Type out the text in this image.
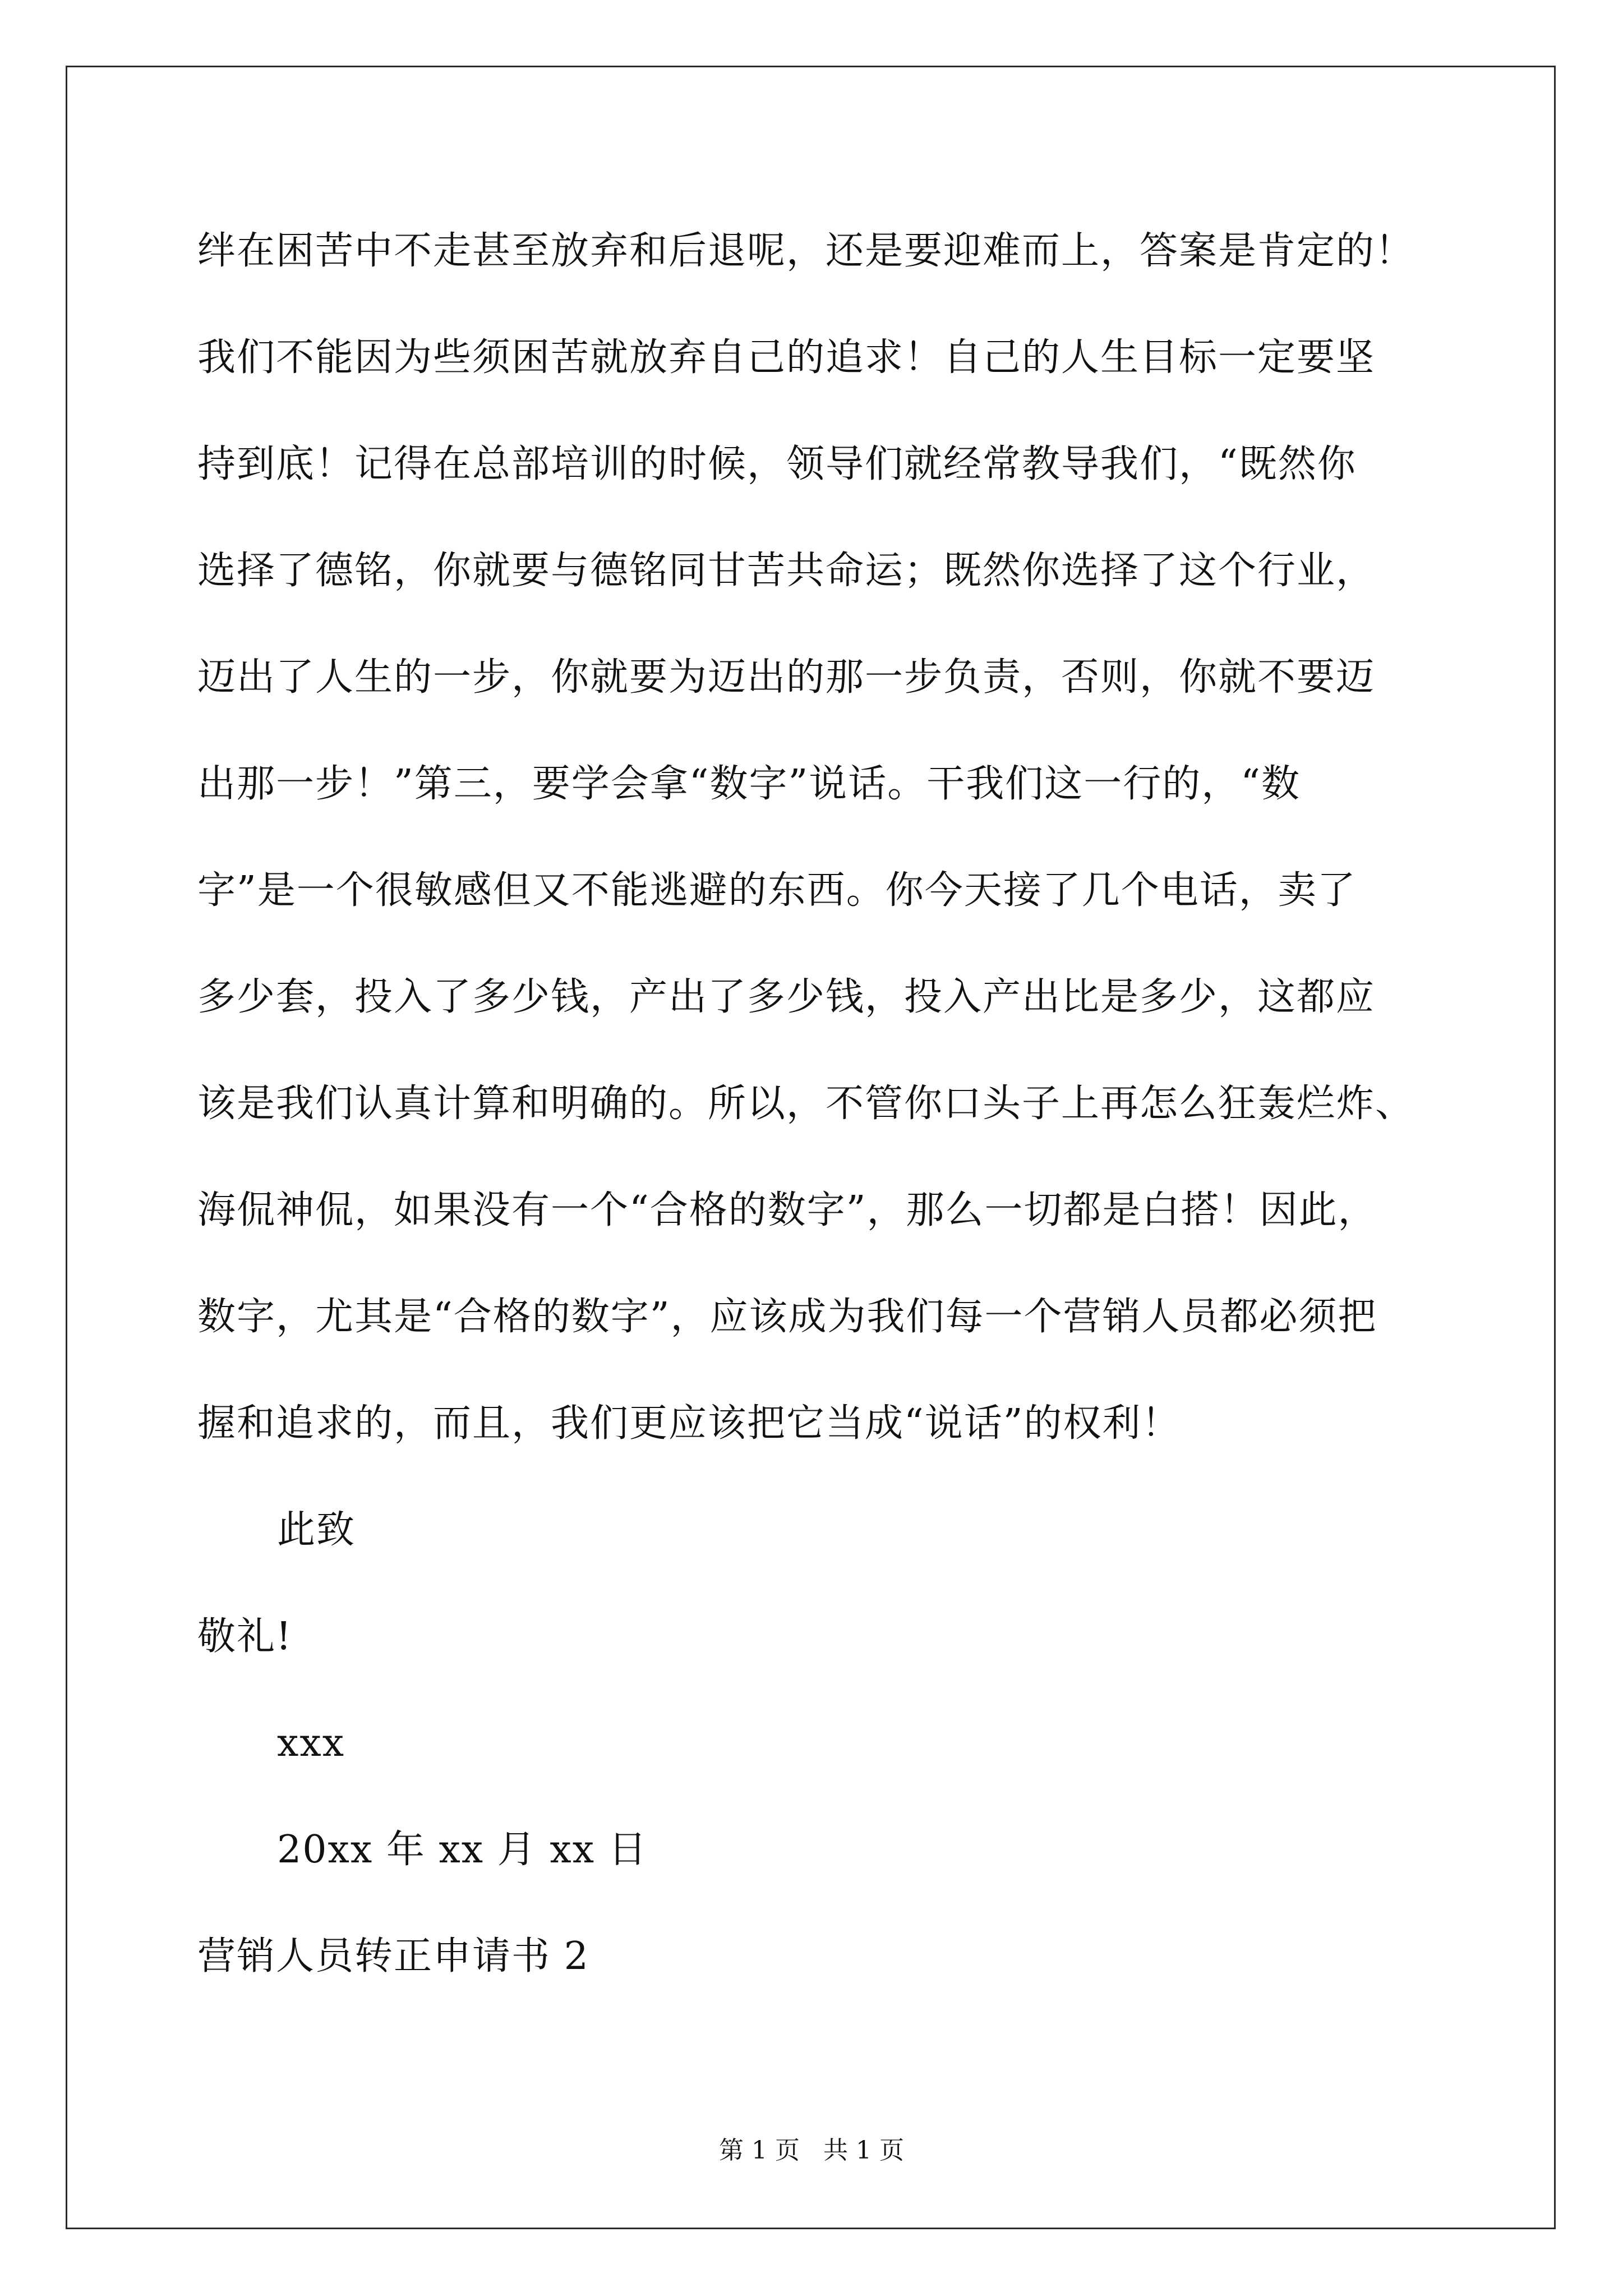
绊在困苦中不走甚至放弃和后退呢，还是要迎难而上，答案是肯定的！
我们不能因为些须困苦就放弃自己的追求！自己的人生目标一定要坚
持到底！记得在总部培训的时候，领导们就经常教导我们，“既然你
选择了德铭，你就要与德铭同甘苦共命运；既然你选择了这个行业，
迈出了人生的一步，你就要为迈出的那一步负责，否则，你就不要迈
出那一步！”第三，要学会拿“数字”说话。干我们这一行的，“数
字”是一个很敏感但又不能逃避的东西。你今天接了几个电话，卖了
多少套，投入了多少钱，产出了多少钱，投入产出比是多少，这都应
该是我们认真计算和明确的。所以，不管你口头子上再怎么狂轰烂炸、
海侃神侃，如果没有一个“合格的数字”，那么一切都是白搭！因此，
数字，尤其是“合格的数字”，应该成为我们每一个营销人员都必须把
握和追求的，而且，我们更应该把它当成“说话”的权利！
此致
敬礼!
xxx
20xx 年 xx 月 xx 日
营销人员转正申请书 2
第 1 页   共 1 页
